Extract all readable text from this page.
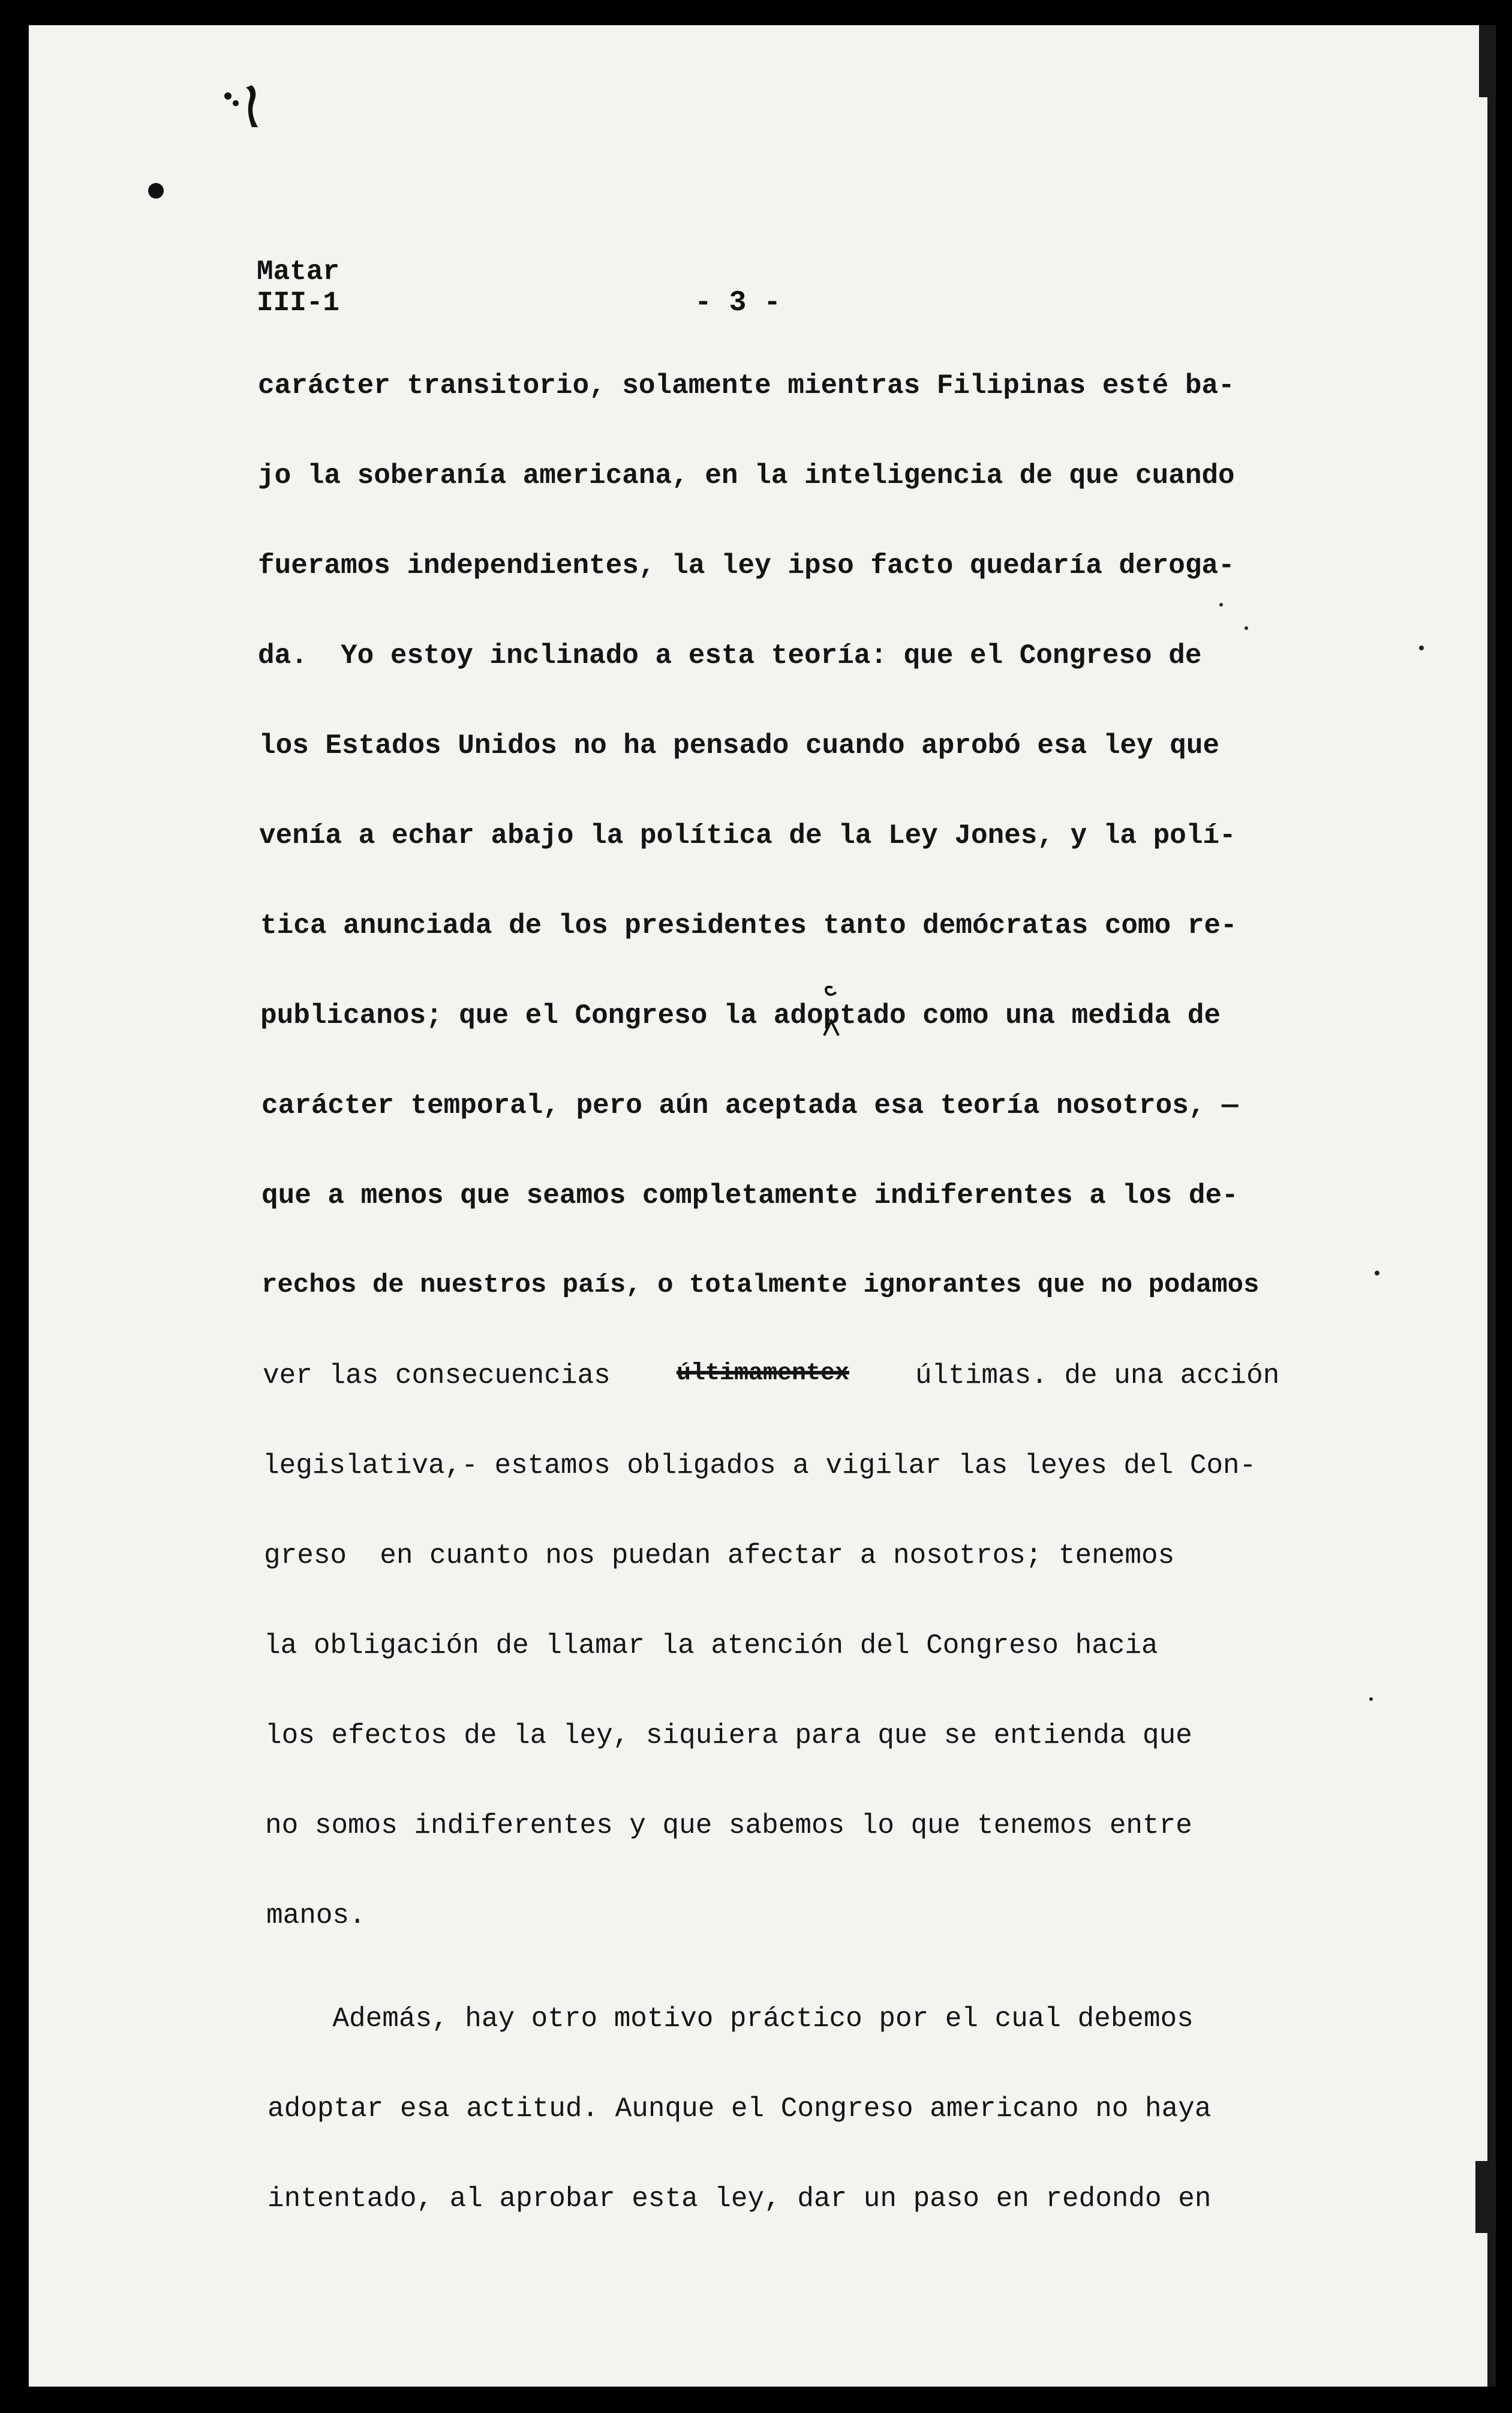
Matar
III-1	- 3 -
carácter transitorio, solamente mientras Filipinas esté ba-
jo la soberanía americana, en la inteligencia de que cuando
fueramos independientes, la ley ipso facto quedaría deroga-
da.  Yo estoy inclinado a esta teoría: que el Congreso de
los Estados Unidos no ha pensado cuando aprobó esa ley que
venía a echar abajo la política de la Ley Jones, y la polí-
tica anunciada de los presidentes tanto demócratas como re-
publicanos; que el Congreso la adoptado como una medida de
carácter temporal, pero aún aceptada esa teoría nosotros, —
que a menos que seamos completamente indiferentes a los de-
rechos de nuestros país, o totalmente ignorantes que no podamos
ver las consecuencias	últimamentex últimas. de una acción
legislativa,- estamos obligados a vigilar las leyes del Con-
greso  en cuanto nos puedan afectar a nosotros; tenemos
la obligación de llamar la atención del Congreso hacia
los efectos de la ley, siquiera para que se entienda que
no somos indiferentes y que sabemos lo que tenemos entre
manos.
Además, hay otro motivo práctico por el cual debemos
adoptar esa actitud. Aunque el Congreso americano no haya
intentado, al aprobar esta ley, dar un paso en redondo en
